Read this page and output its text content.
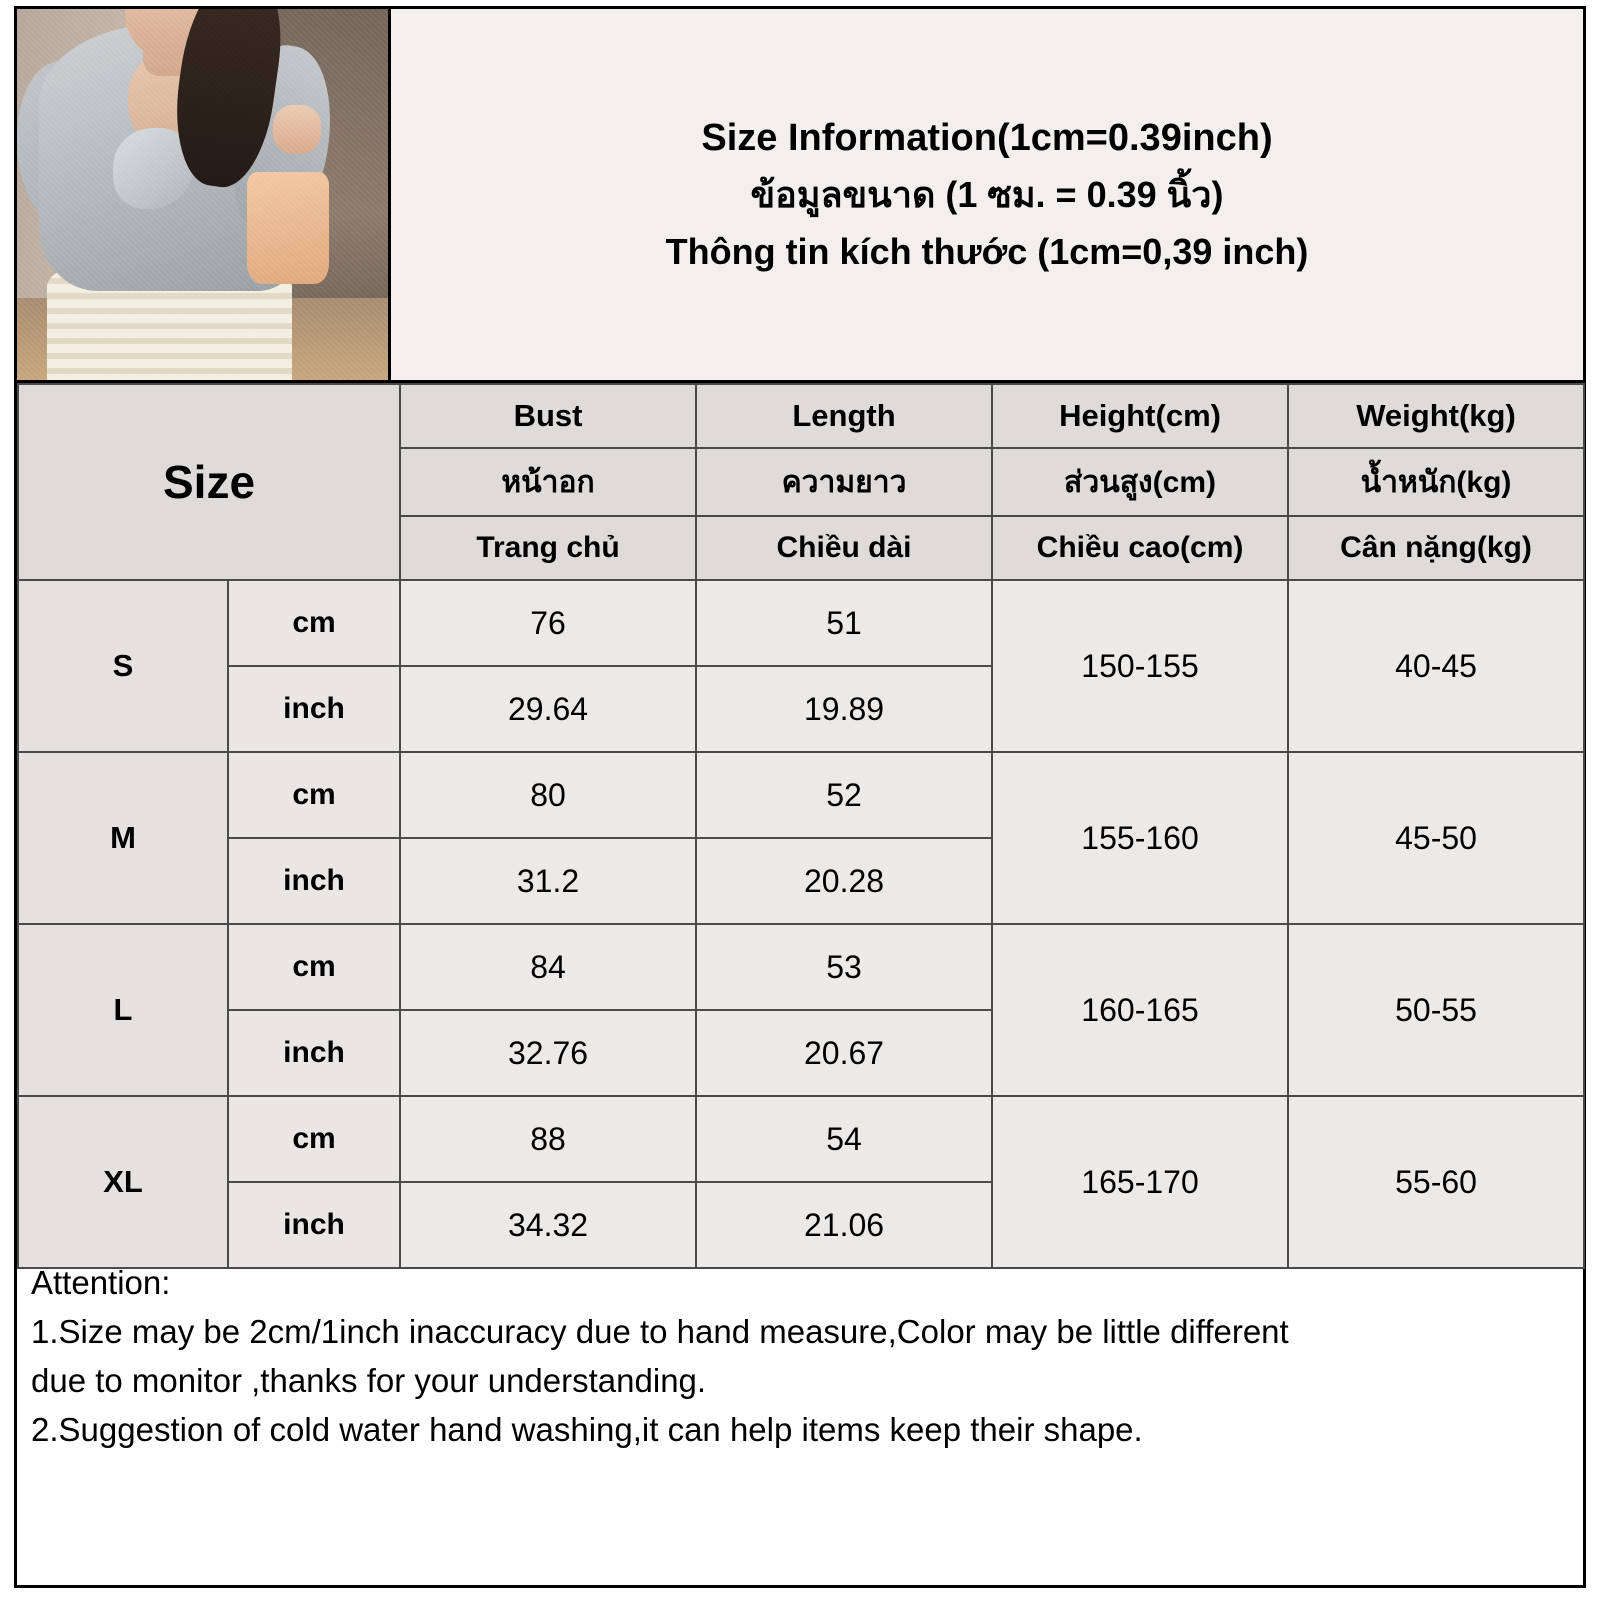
Size Information(1cm=0.39inch)
ข้อมูลขนาด (1 ซม. = 0.39 นิ้ว)
Thông tin kích thước (1cm=0,39 inch)
Size		Bust	Length	Height(cm)	Weight(kg)
		หน้าอก	ความยาว	ส่วนสูง(cm)	น้ำหนัก(kg)
		Trang chủ	Chiều dài	Chiều cao(cm)	Cân nặng(kg)
S	cm	76	51	150-155	40-45
	inch	29.64	19.89		
M	cm	80	52	155-160	45-50
	inch	31.2	20.28		
L	cm	84	53	160-165	50-55
	inch	32.76	20.67		
XL	cm	88	54	165-170	55-60
	inch	34.32	21.06		

Attention:

1.Size may be 2cm/1inch inaccuracy due to hand measure,Color may be little different

due to monitor ,thanks for your understanding.

2.Suggestion of cold water hand washing,it can help items keep their shape.
